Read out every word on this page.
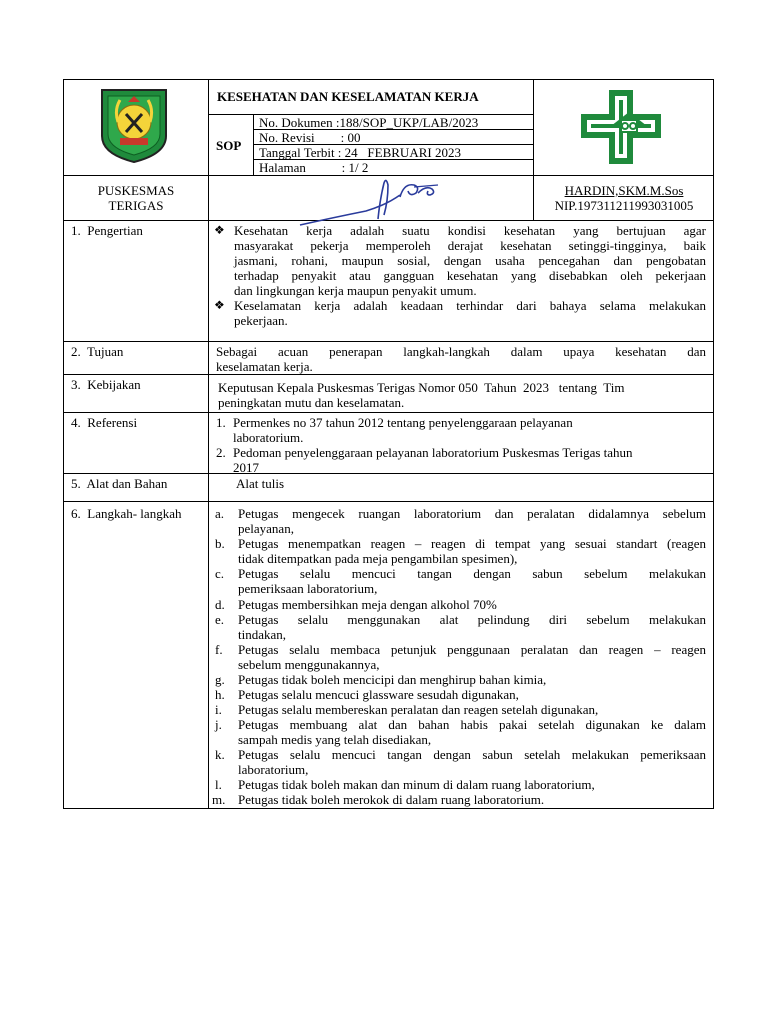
KESEHATAN DAN KESELAMATAN KERJA
SOP
No. Dokumen :188/SOP_UKP/LAB/2023
No. Revisi        : 00
Tanggal Terbit : 24   FEBRUARI 2023
Halaman           : 1/ 2
PUSKESMAS
TERIGAS
HARDIN,SKM.M.Sos
NIP.197311211993031005
1.  Pengertian	❖ Kesehatan kerja adalah suatu kondisi kesehatan yang bertujuan agar
masyarakat pekerja memperoleh derajat kesehatan setinggi-tingginya, baik
jasmani, rohani, maupun sosial, dengan usaha pencegahan dan pengobatan
terhadap penyakit atau gangguan kesehatan yang disebabkan oleh pekerjaan
dan lingkungan kerja maupun penyakit umum.
❖ Keselamatan kerja adalah keadaan terhindar dari bahaya selama melakukan
pekerjaan.
2.  Tujuan	Sebagai acuan penerapan langkah-langkah dalam upaya kesehatan dan
keselamatan kerja.
3.  Kebijakan	Keputusan Kepala Puskesmas Terigas Nomor 050  Tahun  2023   tentang  Tim
peningkatan mutu dan keselamatan.
4.  Referensi	1. Permenkes no 37 tahun 2012 tentang penyelenggaraan pelayanan
laboratorium.
2. Pedoman penyelenggaraan pelayanan laboratorium Puskesmas Terigas tahun
2017
5.  Alat dan Bahan	Alat tulis
6.  Langkah- langkah	a. Petugas mengecek ruangan laboratorium dan peralatan didalamnya sebelum
pelayanan,
b. Petugas menempatkan reagen – reagen di tempat yang sesuai standart (reagen
tidak ditempatkan pada meja pengambilan spesimen),
c. Petugas selalu mencuci tangan dengan sabun sebelum melakukan
pemeriksaan laboratorium,
d. Petugas membersihkan meja dengan alkohol 70%
e. Petugas selalu menggunakan alat pelindung diri sebelum melakukan
tindakan,
f. Petugas selalu membaca petunjuk penggunaan peralatan dan reagen – reagen
sebelum menggunakannya,
g. Petugas tidak boleh mencicipi dan menghirup bahan kimia,
h. Petugas selalu mencuci glassware sesudah digunakan,
i. Petugas selalu membereskan peralatan dan reagen setelah digunakan,
j. Petugas membuang alat dan bahan habis pakai setelah digunakan ke dalam
sampah medis yang telah disediakan,
k. Petugas selalu mencuci tangan dengan sabun setelah melakukan pemeriksaan
laboratorium,
l. Petugas tidak boleh makan dan minum di dalam ruang laboratorium,
m. Petugas tidak boleh merokok di dalam ruang laboratorium.
